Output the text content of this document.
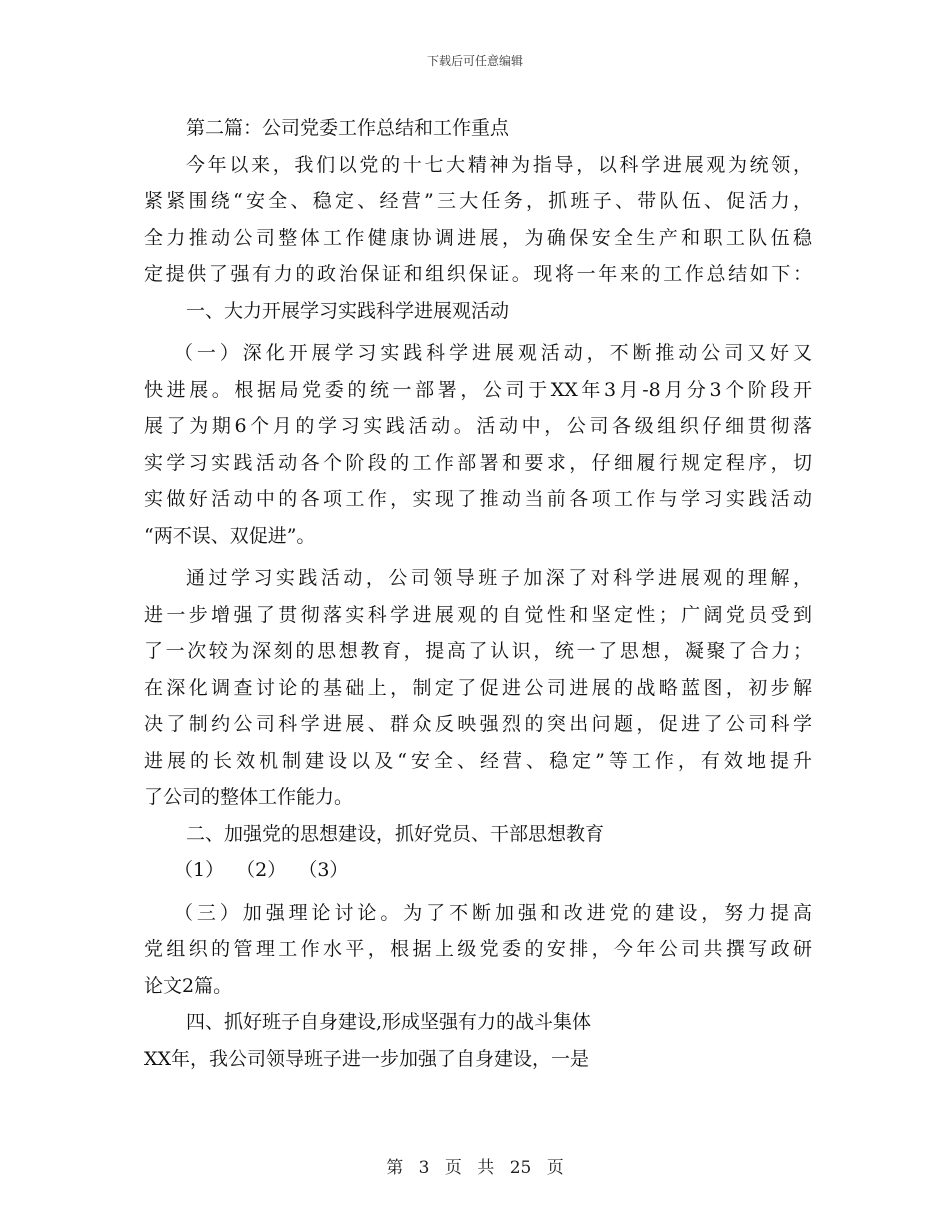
下载后可任意编辑
第二篇：公司党委工作总结和工作重点
今年以来，我们以党的十七大精神为指导，以科学进展观为统领，
紧紧围绕“安全、稳定、经营”三大任务，抓班子、带队伍、促活力，
全力推动公司整体工作健康协调进展，为确保安全生产和职工队伍稳
定提供了强有力的政治保证和组织保证。现将一年来的工作总结如下：
一、大力开展学习实践科学进展观活动
（一）深化开展学习实践科学进展观活动，不断推动公司又好又
快进展。根据局党委的统一部署，公司于XX年3月-8月分3个阶段开
展了为期6个月的学习实践活动。活动中，公司各级组织仔细贯彻落
实学习实践活动各个阶段的工作部署和要求，仔细履行规定程序，切
实做好活动中的各项工作，实现了推动当前各项工作与学习实践活动
“两不误、双促进”。
通过学习实践活动，公司领导班子加深了对科学进展观的理解，
进一步增强了贯彻落实科学进展观的自觉性和坚定性；广阔党员受到
了一次较为深刻的思想教育，提高了认识，统一了思想，凝聚了合力；
在深化调查讨论的基础上，制定了促进公司进展的战略蓝图，初步解
决了制约公司科学进展、群众反映强烈的突出问题，促进了公司科学
进展的长效机制建设以及“安全、经营、稳定”等工作，有效地提升
了公司的整体工作能力。
二、加强党的思想建设，抓好党员、干部思想教育
（1）  （2）  （3）
（三）加强理论讨论。为了不断加强和改进党的建设，努力提高
党组织的管理工作水平，根据上级党委的安排，今年公司共撰写政研
论文2篇。
四、抓好班子自身建设,形成坚强有力的战斗集体
XX年，我公司领导班子进一步加强了自身建设，一是
第 3 页 共 25 页
